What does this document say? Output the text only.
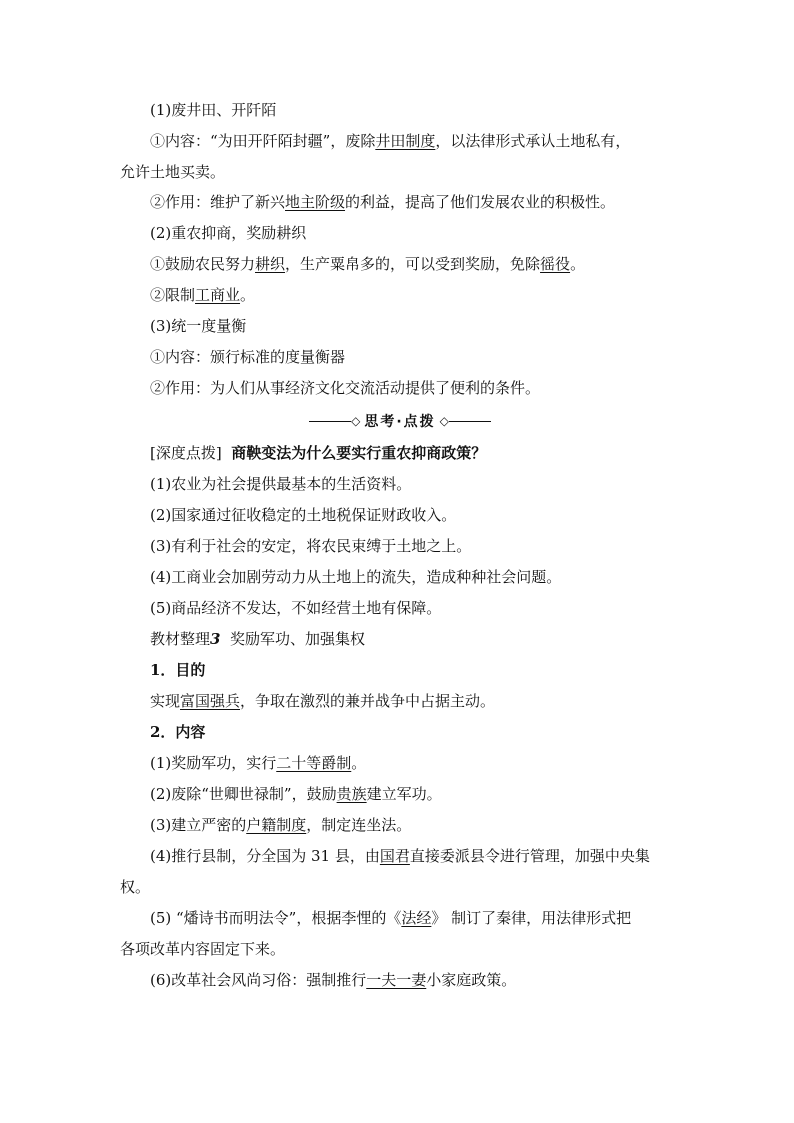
(1)废井田、开阡陌
①内容：“为田开阡陌封疆”，废除井田制度，以法律形式承认土地私有，
允许土地买卖。
②作用：维护了新兴地主阶级的利益，提高了他们发展农业的积极性。
(2)重农抑商，奖励耕织
①鼓励农民努力耕织，生产粟帛多的，可以受到奖励，免除徭役。
②限制工商业。
(3)统一度量衡
①内容：颁行标准的度量衡器
②作用：为人们从事经济文化交流活动提供了便利的条件。
◇ 思考·点拨 ◇
[深度点拨] 商鞅变法为什么要实行重农抑商政策？
(1)农业为社会提供最基本的生活资料。
(2)国家通过征收稳定的土地税保证财政收入。
(3)有利于社会的安定，将农民束缚于土地之上。
(4)工商业会加剧劳动力从土地上的流失，造成种种社会问题。
(5)商品经济不发达，不如经营土地有保障。
教材整理3 奖励军功、加强集权
1．目的
实现富国强兵，争取在激烈的兼并战争中占据主动。
2．内容
(1)奖励军功，实行二十等爵制。
(2)废除“世卿世禄制”，鼓励贵族建立军功。
(3)建立严密的户籍制度，制定连坐法。
(4)推行县制，分全国为 31 县，由国君直接委派县令进行管理，加强中央集
权。
(5) “燔诗书而明法令”，根据李悝的《法经》 制订了秦律，用法律形式把
各项改革内容固定下来。
(6)改革社会风尚习俗：强制推行一夫一妻小家庭政策。
